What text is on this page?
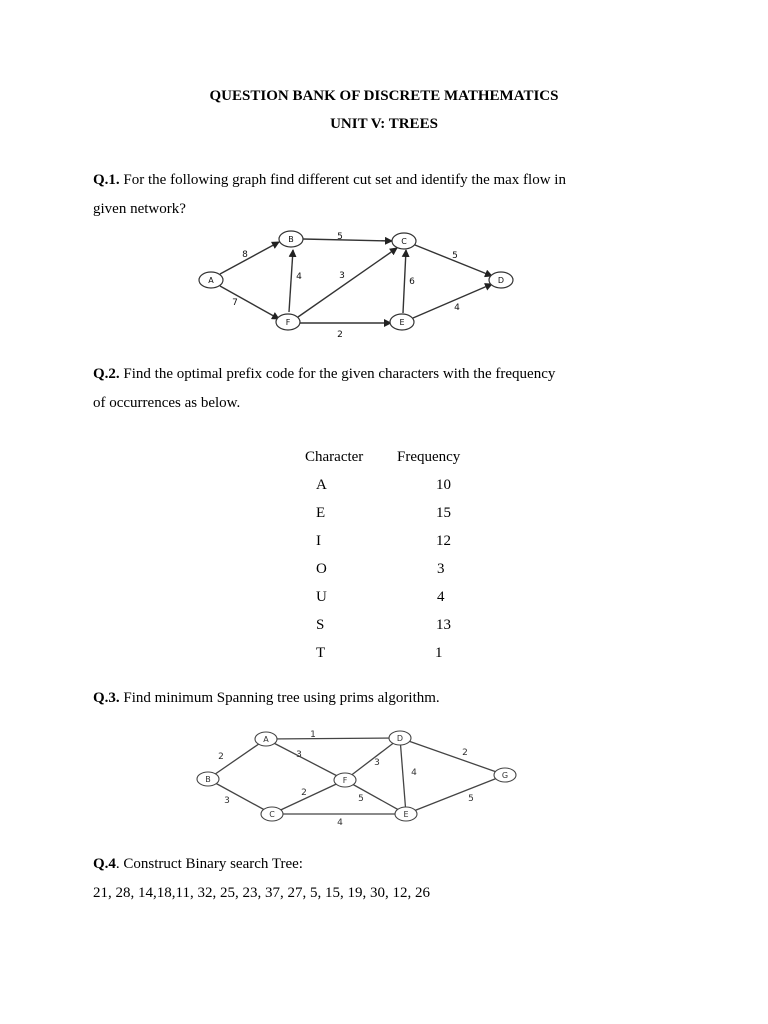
QUESTION BANK OF DISCRETE MATHEMATICS
UNIT V: TREES
Q.1. For the following graph find different cut set and identify the max flow in
given network?
A
B	C
D
E
F
8
7
5
4	3
6
5
2
4
Q.2. Find the optimal prefix code for the given characters with the frequency
of occurrences as below.
Character Frequency
A	10
E	15
I	12
O	3
U	4
S	13
T	1
Q.3. Find minimum Spanning tree using prims algorithm.
A
B
C
D
E
F
G
1
2	3
3
2
4
3
4
5
2
5
Q.4. Construct Binary search Tree:
21, 28, 14,18,11, 32, 25, 23, 37, 27, 5, 15, 19, 30, 12, 26
